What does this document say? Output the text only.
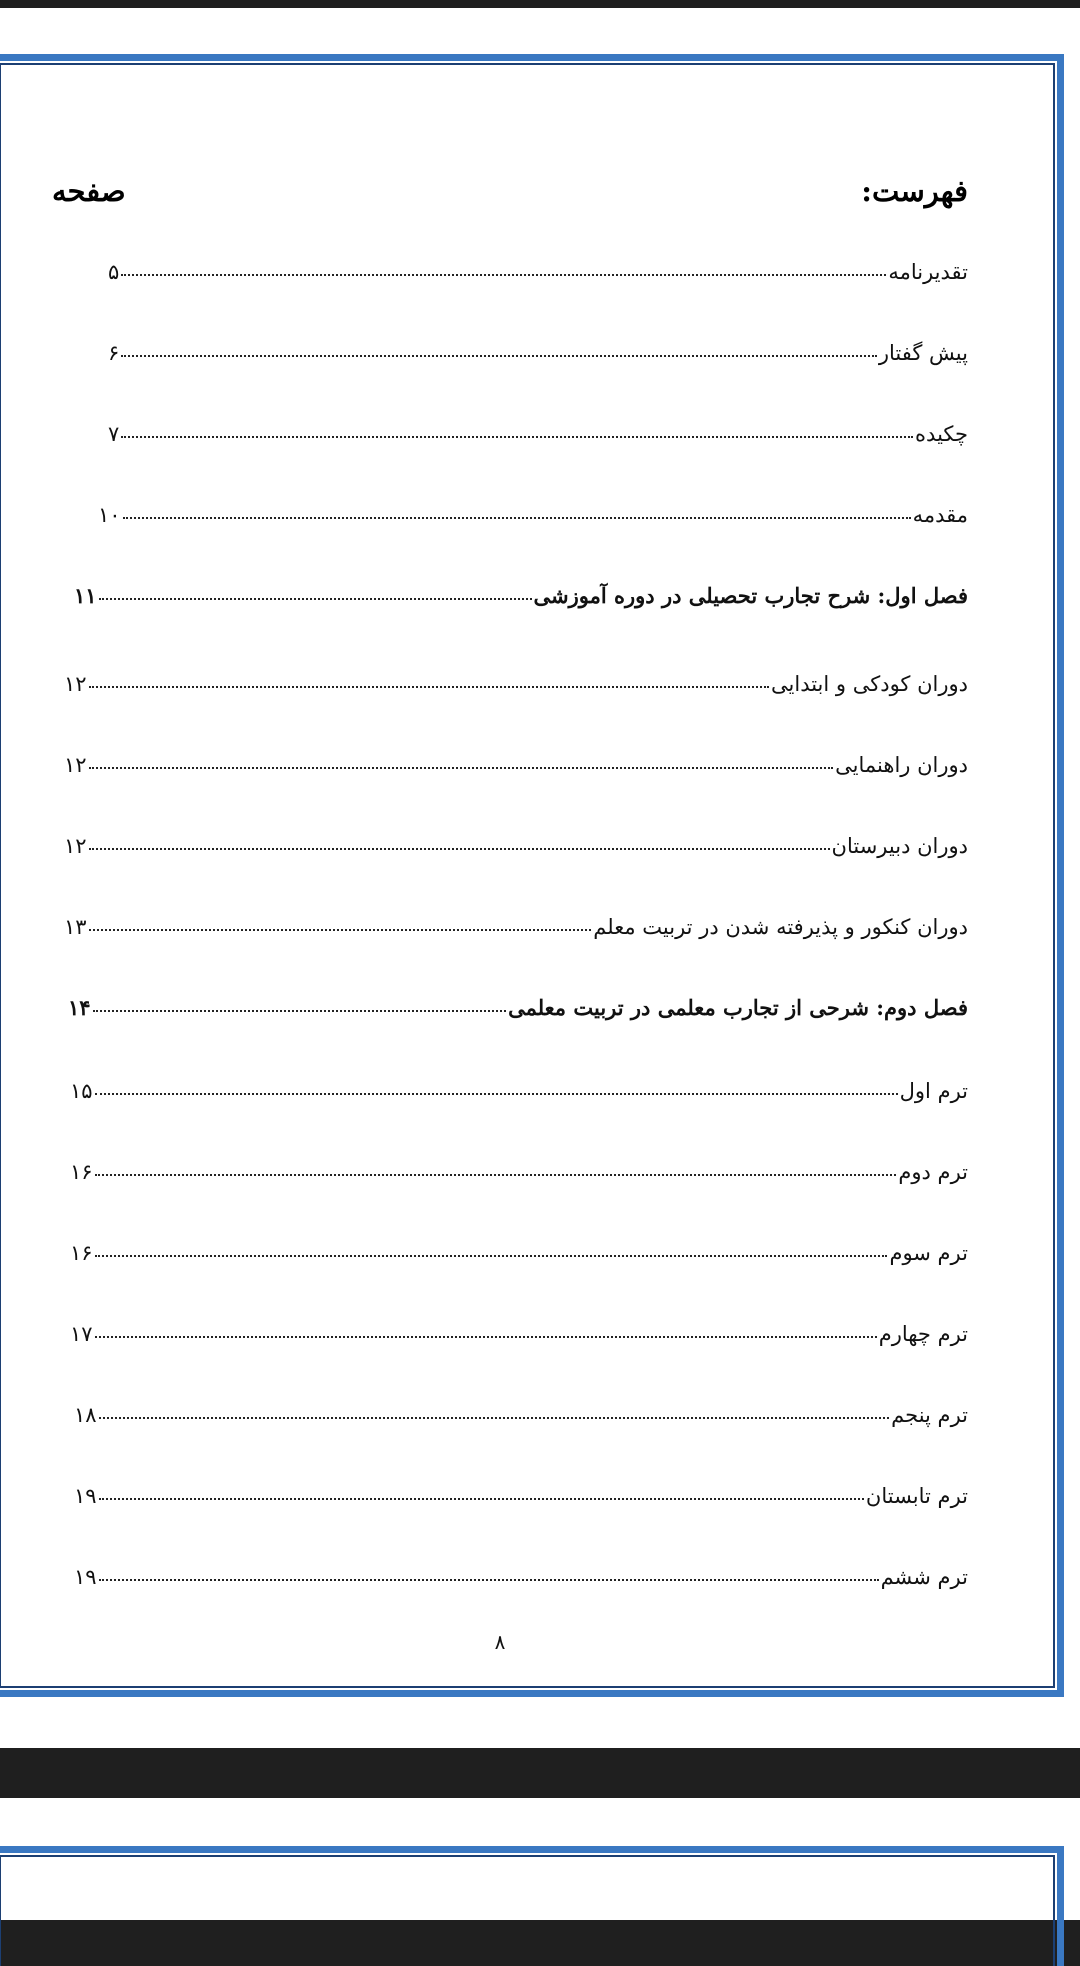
فهرست:
صفحه
تقدیرنامه
۵
پیش گفتار
۶
چکیده
۷
مقدمه
۱۰
فصل اول: شرح تجارب تحصیلی در دوره آموزشی
۱۱
دوران کودکی و ابتدایی
۱۲
دوران راهنمایی
۱۲
دوران دبیرستان
۱۲
دوران کنکور و پذیرفته شدن در تربیت معلم
۱۳
فصل دوم: شرحی از تجارب معلمی در تربیت معلمی
۱۴
ترم اول
۱۵
ترم دوم
۱۶
ترم سوم
۱۶
ترم چهارم
۱۷
ترم پنجم
۱۸
ترم تابستان
۱۹
ترم ششم
۱۹
۸
